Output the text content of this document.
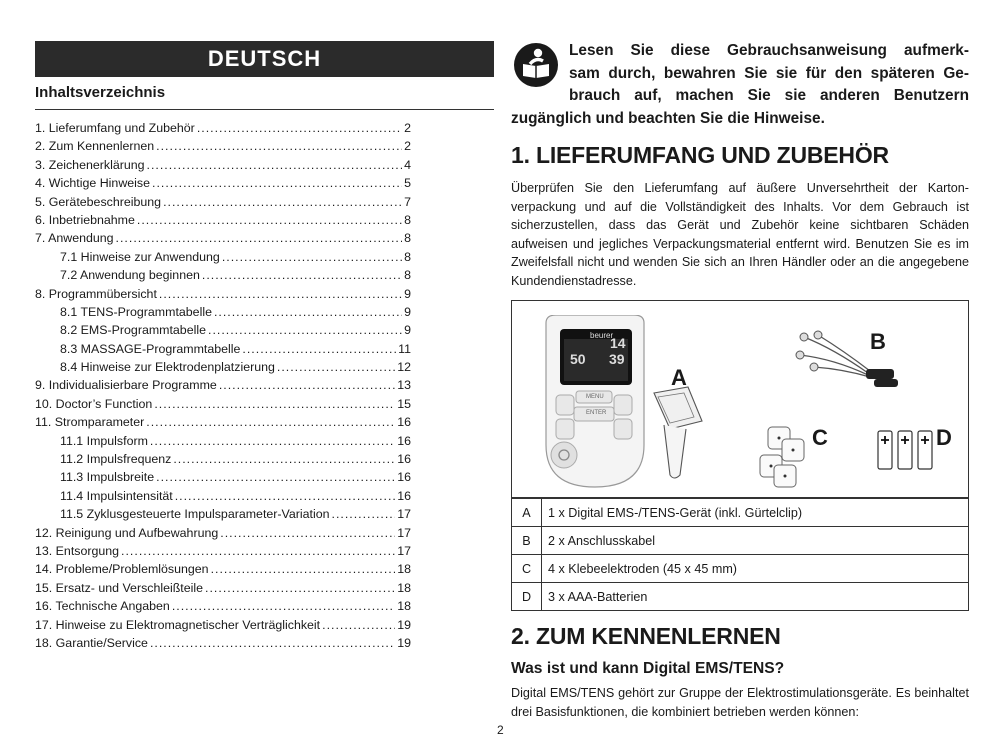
DEUTSCH
Inhaltsverzeichnis
1. Lieferumfang und Zubehör .....	2
2. Zum Kennenlernen .....	2
3. Zeichenerklärung .....	4
4. Wichtige Hinweise .....	5
5. Gerätebeschreibung .....	7
6. Inbetriebnahme .....	8
7. Anwendung .....	8
7.1 Hinweise zur Anwendung .....	8
7.2 Anwendung beginnen .....	8
8. Programmübersicht .....	9
8.1 TENS-Programmtabelle .....	9
8.2 EMS-Programmtabelle .....	9
8.3 MASSAGE-Programmtabelle .....	11
8.4 Hinweise zur Elektrodenplatzierung .....	12
9. Individualisierbare Programme .....	13
10. Doctor’s Function .....	15
11. Stromparameter .....	16
11.1 Impulsform .....	16
11.2 Impulsfrequenz .....	16
11.3 Impulsbreite .....	16
11.4 Impulsintensität .....	16
11.5 Zyklusgesteuerte Impulsparameter-Variation .....	17
12. Reinigung und Aufbewahrung .....	17
13. Entsorgung .....	17
14. Probleme/Problemlösungen .....	18
15. Ersatz- und Verschleißteile .....	18
16. Technische Angaben .....	18
17. Hinweise zu Elektromagnetischer Verträglichkeit .....	19
18. Garantie/Service .....	19
Lesen Sie diese Gebrauchsanweisung aufmerk-
sam durch, bewahren Sie sie für den späteren Ge-
brauch auf, machen Sie sie anderen Benutzern
zugänglich und beachten Sie die Hinweise.
1. LIEFERUMFANG UND ZUBEHÖR
Überprüfen Sie den Lieferumfang auf äußere Unversehrtheit der Karton-verpackung und auf die Vollständigkeit des Inhalts. Vor dem Gebrauch ist sicherzustellen, dass das Gerät und Zubehör keine sichtbaren Schäden aufweisen und jegliches Verpackungsmaterial entfernt wird. Benutzen Sie es im Zweifelsfall nicht und wenden Sie sich an Ihren Händler oder an die angegebene Kundendienstadresse.
beurer
50 39
14
MENU
ENTER
A
B
C	D
A	1 x Digital EMS-/TENS-Gerät (inkl. Gürtelclip)
B	2 x Anschlusskabel
C	4 x Klebeelektroden (45 x 45 mm)
D	3 x AAA-Batterien
2. ZUM KENNENLERNEN
Was ist und kann Digital EMS/TENS?
Digital EMS/TENS gehört zur Gruppe der Elektrostimulationsgeräte. Es beinhaltet drei Basisfunktionen, die kombiniert betrieben werden können:
2
